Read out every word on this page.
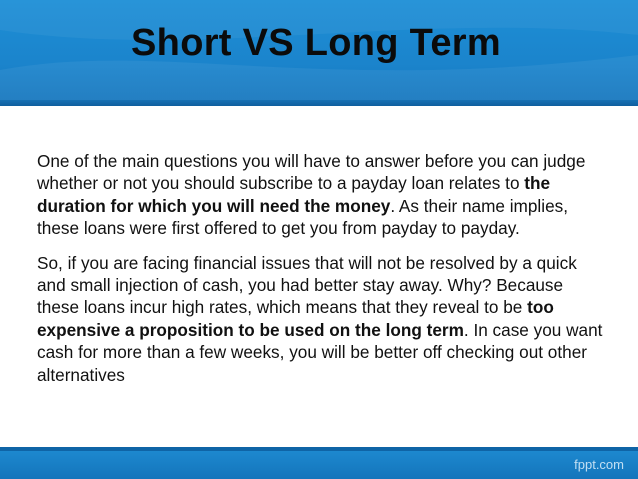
Short VS Long Term

One of the main questions you will have to answer before you can judge whether or not you should subscribe to a payday loan relates to the duration for which you will need the money. As their name implies, these loans were first offered to get you from payday to payday.

So, if you are facing financial issues that will not be resolved by a quick and small injection of cash, you had better stay away. Why? Because these loans incur high rates, which means that they reveal to be too expensive a proposition to be used on the long term. In case you want cash for more than a few weeks, you will be better off checking out other alternatives

fppt.com
